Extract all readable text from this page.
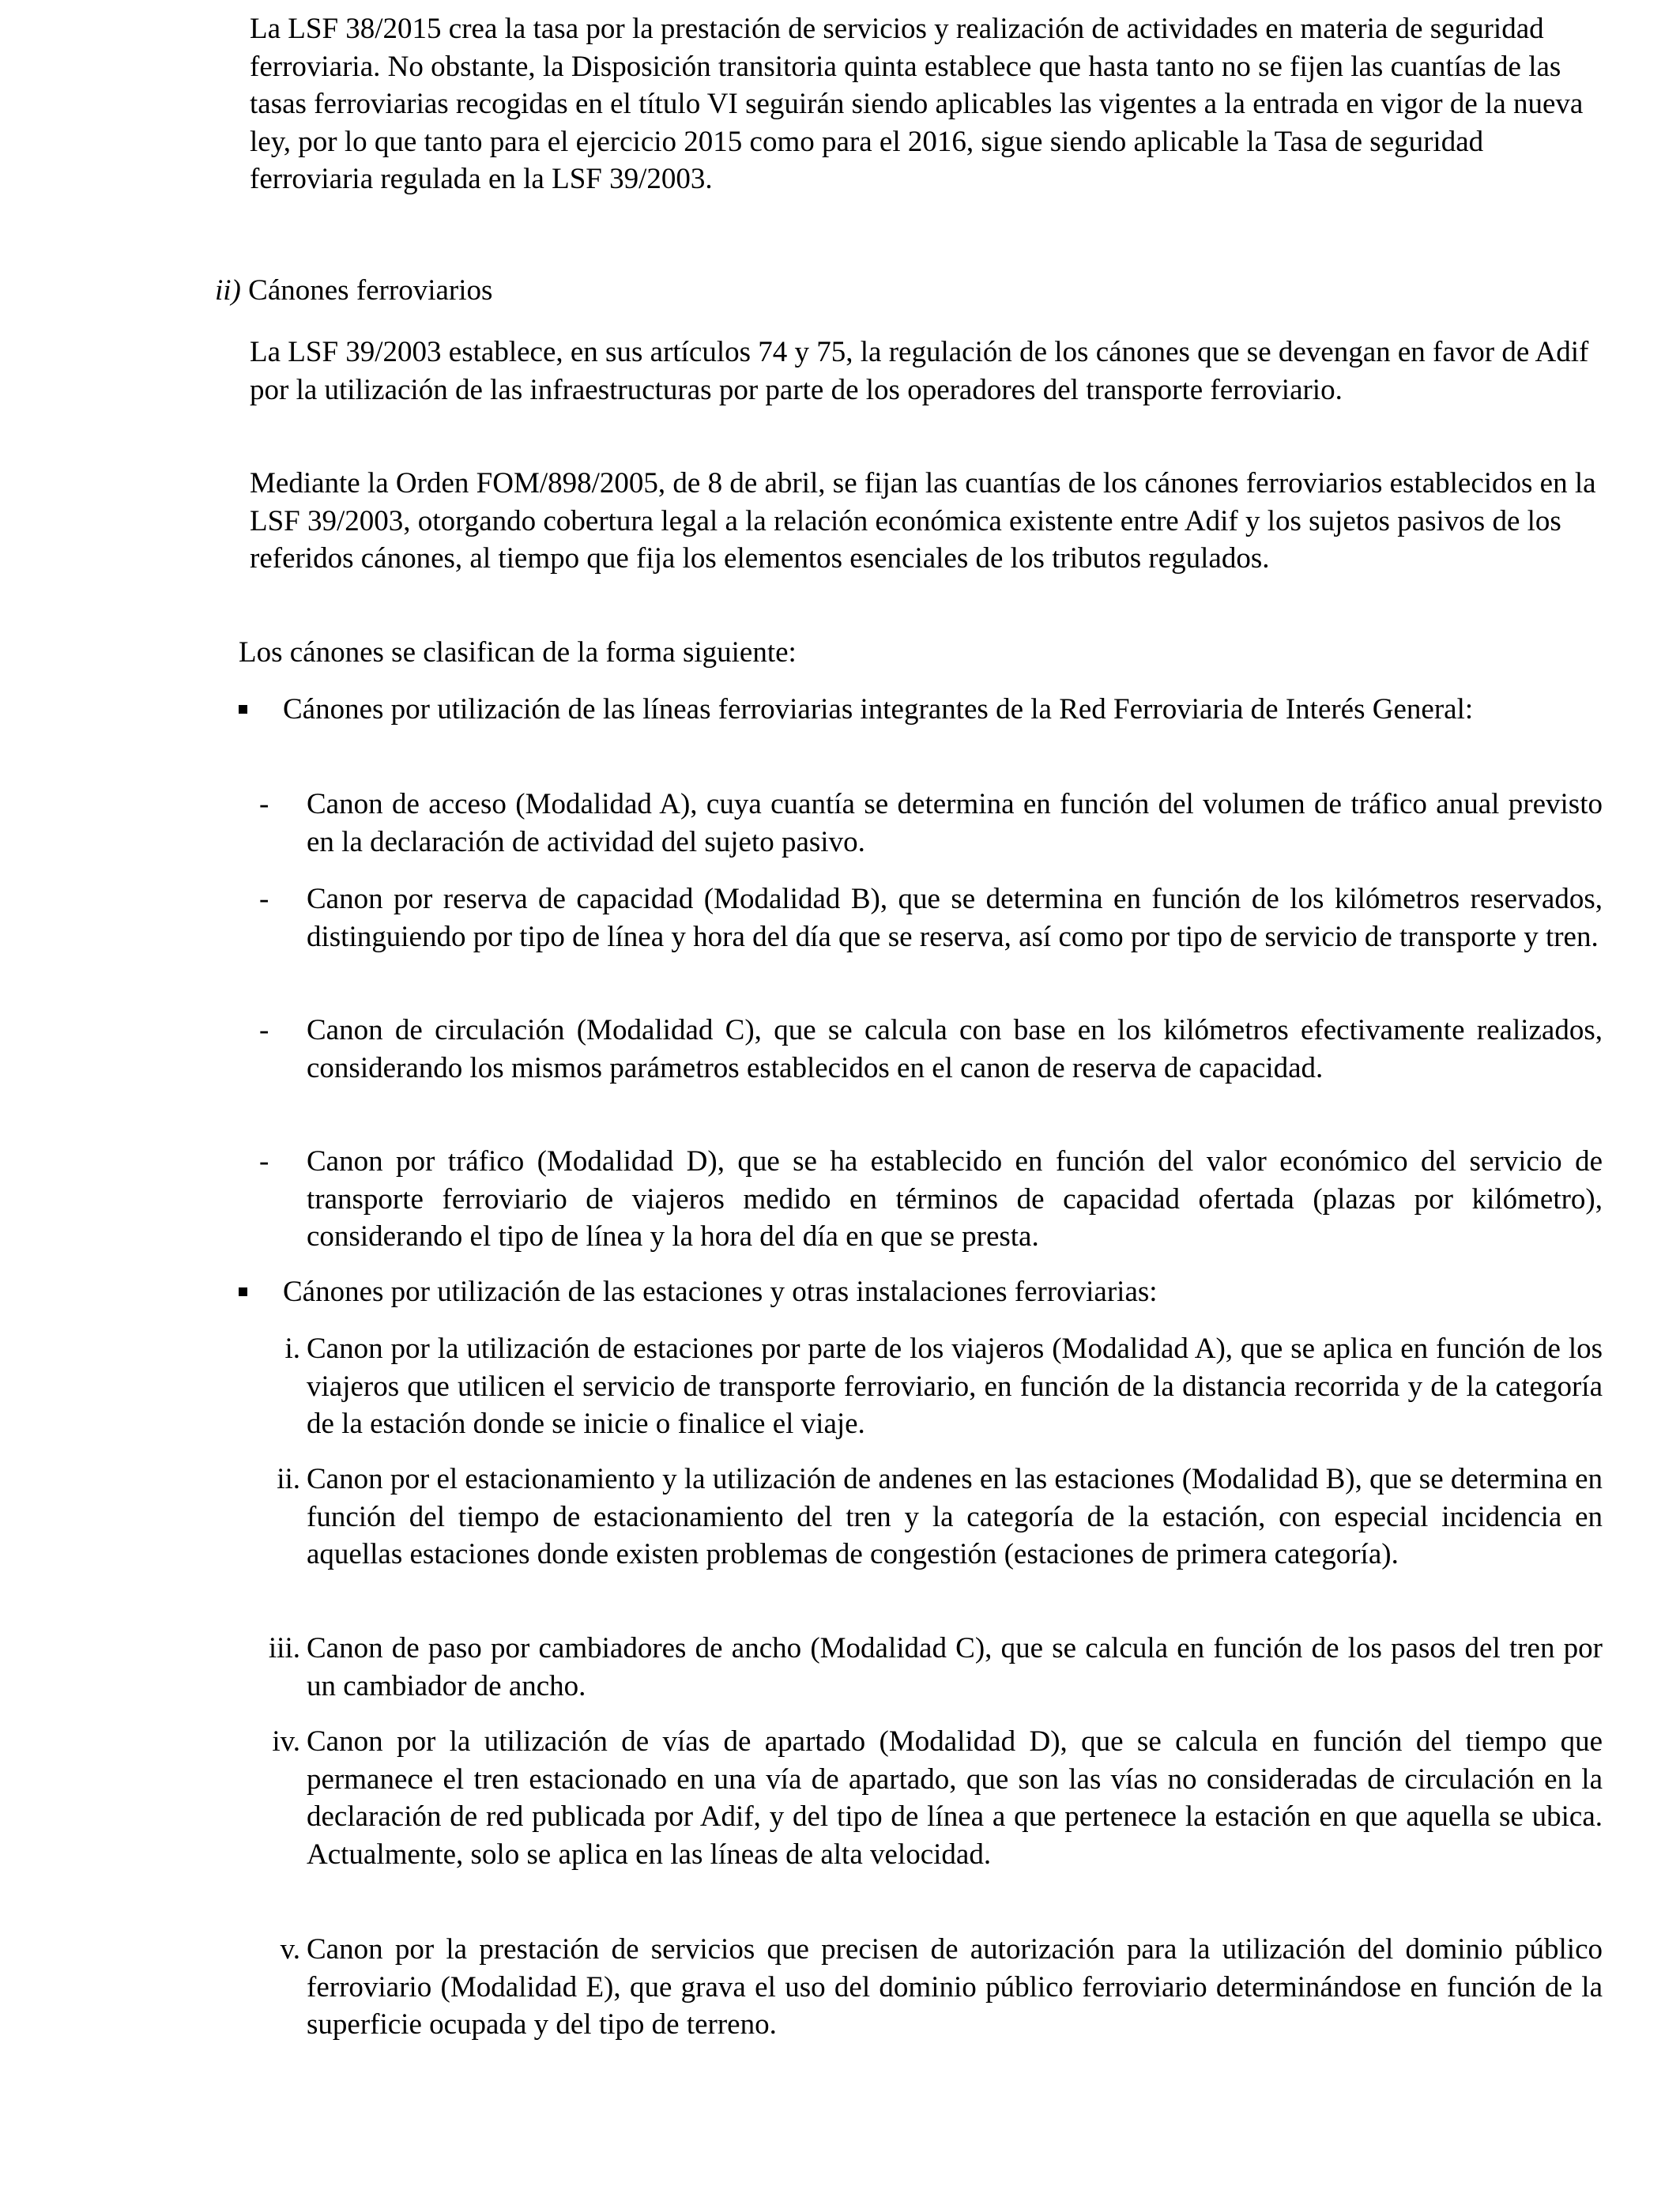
La LSF 38/2015 crea la tasa por la prestación de servicios y realización de actividades en materia de seguridad ferroviaria. No obstante, la Disposición transitoria quinta establece que hasta tanto no se fijen las cuantías de las tasas ferroviarias recogidas en el título VI seguirán siendo aplicables las vigentes a la entrada en vigor de la nueva ley, por lo que tanto para el ejercicio 2015 como para el 2016, sigue siendo aplicable la Tasa de seguridad ferroviaria regulada en la LSF 39/2003.

ii) Cánones ferroviarios

La LSF 39/2003 establece, en sus artículos 74 y 75, la regulación de los cánones que se devengan en favor de Adif por la utilización de las infraestructuras por parte de los operadores del transporte ferroviario.

Mediante la Orden FOM/898/2005, de 8 de abril, se fijan las cuantías de los cánones ferroviarios establecidos en la LSF 39/2003, otorgando cobertura legal a la relación económica existente entre Adif y los sujetos pasivos de los referidos cánones, al tiempo que fija los elementos esenciales de los tributos regulados.

Los cánones se clasifican de la forma siguiente:

Cánones por utilización de las líneas ferroviarias integrantes de la Red Ferroviaria de Interés General:
- Canon de acceso (Modalidad A), cuya cuantía se determina en función del volumen de tráfico anual previsto en la declaración de actividad del sujeto pasivo.
- Canon por reserva de capacidad (Modalidad B), que se determina en función de los kilómetros reservados, distinguiendo por tipo de línea y hora del día que se reserva, así como por tipo de servicio de transporte y tren.
- Canon de circulación (Modalidad C), que se calcula con base en los kilómetros efectivamente realizados, considerando los mismos parámetros establecidos en el canon de reserva de capacidad.
- Canon por tráfico (Modalidad D), que se ha establecido en función del valor económico del servicio de transporte ferroviario de viajeros medido en términos de capacidad ofertada (plazas por kilómetro), considerando el tipo de línea y la hora del día en que se presta.
Cánones por utilización de las estaciones y otras instalaciones ferroviarias:
i. Canon por la utilización de estaciones por parte de los viajeros (Modalidad A), que se aplica en función de los viajeros que utilicen el servicio de transporte ferroviario, en función de la distancia recorrida y de la categoría de la estación donde se inicie o finalice el viaje.
ii. Canon por el estacionamiento y la utilización de andenes en las estaciones (Modalidad B), que se determina en función del tiempo de estacionamiento del tren y la categoría de la estación, con especial incidencia en aquellas estaciones donde existen problemas de congestión (estaciones de primera categoría).
iii. Canon de paso por cambiadores de ancho (Modalidad C), que se calcula en función de los pasos del tren por un cambiador de ancho.
iv. Canon por la utilización de vías de apartado (Modalidad D), que se calcula en función del tiempo que permanece el tren estacionado en una vía de apartado, que son las vías no consideradas de circulación en la declaración de red publicada por Adif, y del tipo de línea a que pertenece la estación en que aquella se ubica. Actualmente, solo se aplica en las líneas de alta velocidad.
v. Canon por la prestación de servicios que precisen de autorización para la utilización del dominio público ferroviario (Modalidad E), que grava el uso del dominio público ferroviario determinándose en función de la superficie ocupada y del tipo de terreno.
